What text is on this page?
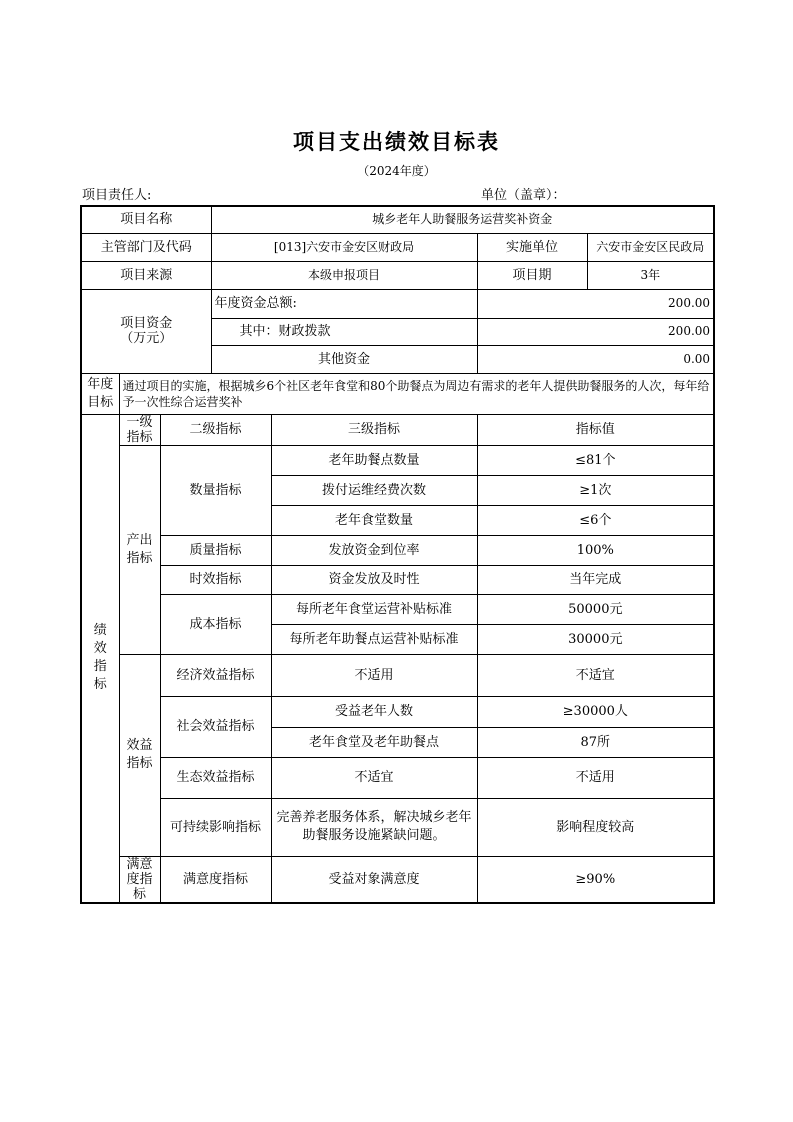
项目支出绩效目标表
（2024年度）
项目责任人:	单位（盖章）：
项目名称			城乡老年人助餐服务运营奖补资金			
主管部门及代码			[013]六安市金安区财政局		实施单位	六安市金安区民政局
项目来源			本级申报项目		项目期	3年

项目资金
（万元）			年度资金总额:		200.00	
			其中：财政拨款		200.00	
			其他资金		0.00	

年度
目标	通过项目的实施，根据城乡6个社区老年食堂和80个助餐点为周边有需求的老年人提供助餐服务的人次，每年给予一次性综合运营奖补					

绩效指标	一级指标	二级指标		三级指标	指标值	

	产出指标	数量指标		老年助餐点数量	≤81个	
				拨付运维经费次数	≥1次	
				老年食堂数量	≤6个	
		质量指标		发放资金到位率	100%	
		时效指标		资金发放及时性	当年完成	
		成本指标		每所老年食堂运营补贴标准	50000元	
				每所老年助餐点运营补贴标准	30000元	

	效益指标	经济效益指标		不适用	不适宜	
		社会效益指标		受益老年人数	≥30000人	
				老年食堂及老年助餐点	87所	
		生态效益指标		不适宜	不适用	
		可持续影响指标		完善养老服务体系，解决城乡老年助餐服务设施紧缺问题。	影响程度较高	

	满意度指标	满意度指标		受益对象满意度	≥90%	
